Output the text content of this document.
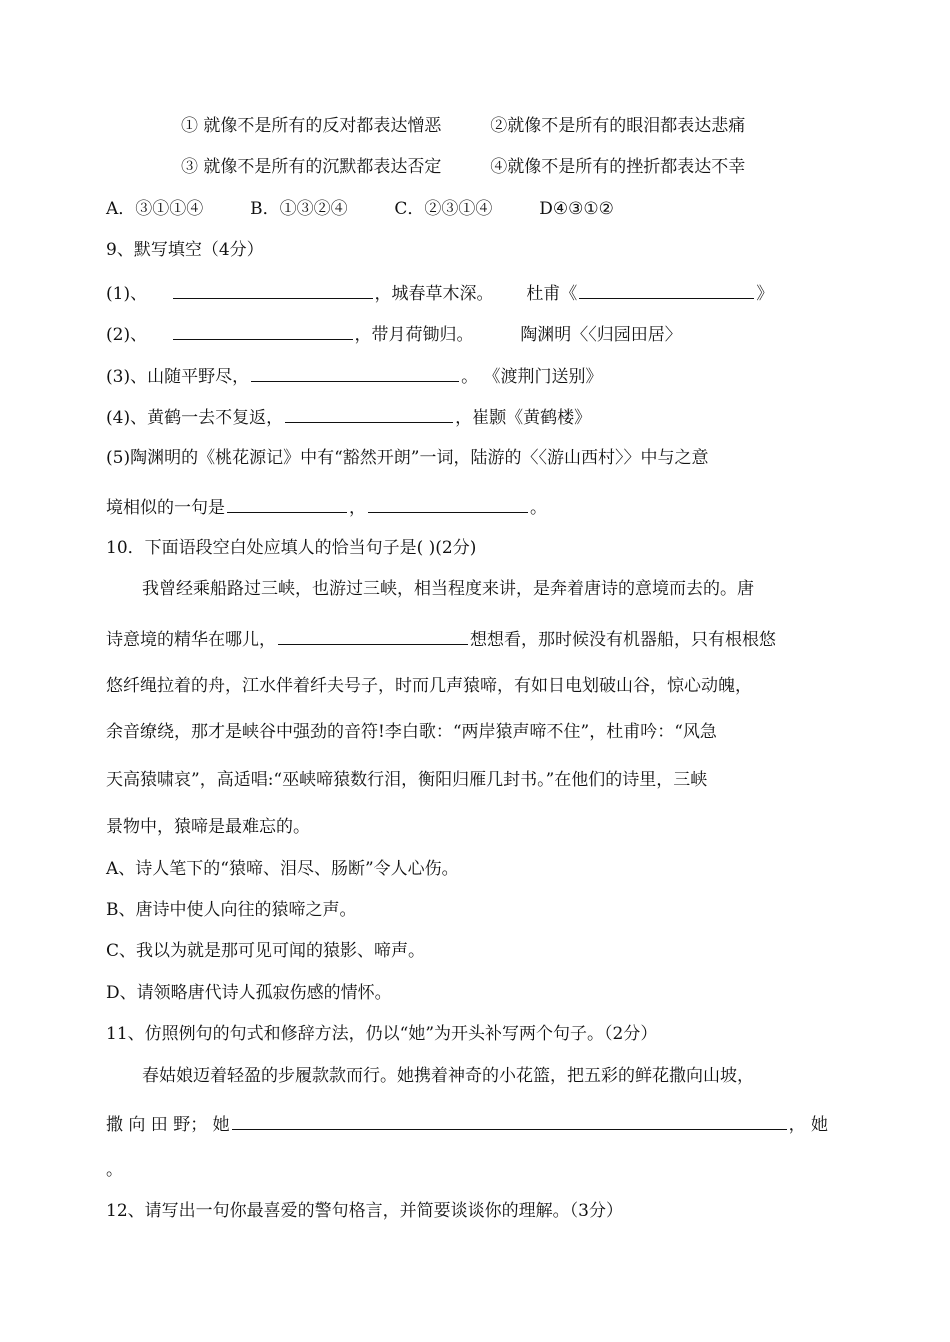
① 就像不是所有的反对都表达憎恶	②就像不是所有的眼泪都表达悲痛
③ 就像不是所有的沉默都表达否定	④就像不是所有的挫折都表达不幸
A．③①①④	B．①③②④	C．②③①④	D④③①②
9、默写填空（4分）
(1)、	，城春草木深。 杜甫《	》
(2)、	，带月荷锄归。	陶渊明〈〈归园田居〉
(3)、山随平野尽，	。 《渡荆门送别》
(4)、黄鹤一去不复返，	，崔颢《黄鹤楼》
(5)陶渊明的《桃花源记》中有“豁然开朗”一词，陆游的〈〈游山西村〉〉中与之意
境相似的一句是	，	。
10．下面语段空白处应填人的恰当句子是( )(2分)
我曾经乘船路过三峡，也游过三峡，相当程度来讲，是奔着唐诗的意境而去的。唐
诗意境的精华在哪儿，	想想看，那时候没有机器船，只有根根悠
悠纤绳拉着的舟，江水伴着纤夫号子，时而几声猿啼，有如日电划破山谷，惊心动魄，
余音缭绕，那才是峡谷中强劲的音符!李白歌：“两岸猿声啼不住”，杜甫吟：“风急
天高猿啸哀”，高适唱:“巫峡啼猿数行泪，衡阳归雁几封书。”在他们的诗里，三峡
景物中，猿啼是最难忘的。
A、诗人笔下的“猿啼、泪尽、肠断”令人心伤。
B、唐诗中使人向往的猿啼之声。
C、我以为就是那可见可闻的猿影、啼声。
D、请领略唐代诗人孤寂伤感的情怀。
11、仿照例句的句式和修辞方法，仍以“她”为开头补写两个句子。（2分）
春姑娘迈着轻盈的步履款款而行。她携着神奇的小花篮，把五彩的鲜花撒向山坡，
撒 向 田 野； 她	， 她
。
12、请写出一句你最喜爱的警句格言，并简要谈谈你的理解。（3分）
